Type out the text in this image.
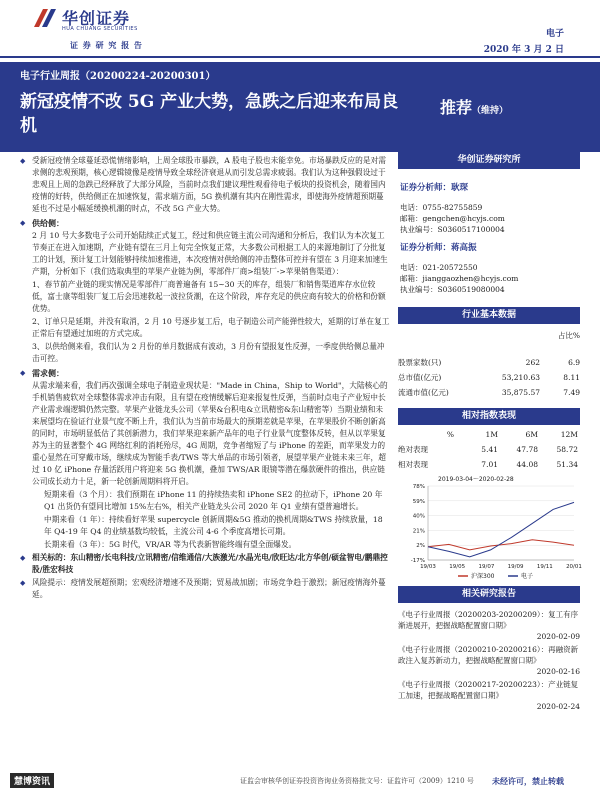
华创证券
HUA CHUANG SECURITIES
证 券 研 究 报 告
电子
2020 年 3 月 2 日
电子行业周报（20200224-20200301）
新冠疫情不改 5G 产业大势，急跌之后迎来布局良机
推荐（维持）
◆ 受新冠疫情全球蔓延恐慌情绪影响，上周全球股市暴跌，A 股电子股也未能幸免。市场暴跌反应的是对需求侧的悲观预期，核心逻辑镜像是疫情导致全球经济衰退从而引发总需求疲弱。我们认为这种强假设过于悲观且上周的急跌已经释放了大部分风险，当前时点我们建议理性观看待电子板块的投资机会，随着国内疫情的好转，供给侧正在加速恢复，需求端方面，5G 换机潮有其内在刚性需求，即使海外疫情超预期蔓延也不过是小幅延缓换机潮的时点，不改 5G 产业大势。
◆ 供给侧：
2 月 10 号大多数电子公司开始陆续正式复工，经过和供应链主流公司沟通和分析后，我们认为本次复工节奏正在进入加速期，产业链有望在三月上旬完全恢复正常，大多数公司根据工人的来源地制订了分批复工的计划，预计复工计划能够持续加速推进，本次疫情对供给侧的冲击整体可控并有望在 3 月迎来加速生产期，分析如下（我们选取典型的苹果产业链为例，零部件厂商>组装厂->苹果销售渠道）：
1、春节前产业链的现实情况是零部件厂商普遍备有 15~30 天的库存，组装厂和销售渠道库存水位较低，富士康等组装厂复工后会迅速救起一波拉货潮，在这个阶段，库存充足的供应商有较大的价格和份额优势。
2、订单只是延期，并没有取消，2 月 10 号逐步复工后，电子制造公司产能弹性较大，延期的订单在复工正常后有望通过加班的方式完成。
3、以供给侧来看，我们认为 2 月份的单月数据成有波动，3 月份有望报复性反弹，一季度供给侧总量冲击可控。
◆ 需求侧：
从需求端来看，我们再次强调全球电子制造业现状是："Made in China，Ship to World"，大陆核心的手机销售疲软对全球整体需求冲击有限，且有望在疫情缓解后迎来报复性反弹，当前时点电子产业短中长产业需求端逻辑仍然完整。苹果产业链龙头公司（苹果&台积电&立讯精密&东山精密等）当期业绩和未来展望均在验证行业景气度不断上升，我们认为当前市场最大的预期差就是苹果，在苹果股价不断创新高的同时，市场明显低估了其创新潜力，我们苹果迎来新产品年的电子行业景气度整体反转，但从以苹果复苏为主的显著整个 4G 网络红利的消耗殆尽，4G 周期，竞争者缩短了与 iPhone 的差距，而苹果发力的重心显然在可穿戴市场，继续成为智能手表/TWS 等大单品的市场引领者，展望苹果产业链未来三年，超过 10 亿 iPhone 存量活跃用户将迎来 5G 换机潮，叠加 TWS/AR 眼镜等潜在爆款硬件的推出，供应链公司成长动力十足，新一轮创新周期料将开启。
短期来看（3 个月）：我们预期在 iPhone 11 的持续热卖和 iPhone SE2 的拉动下，iPhone 20 年 Q1 出货仍有望同比增加 15%左右%，相关产业链龙头公司 2020 年 Q1 业绩有望普遍增长。
中期来看（1 年）：持续看好苹果 supercycle 创新周期&5G 推动的换机周期&TWS 持续放量，18 年 Q4-19 年 Q4 的业绩基数均较低，主流公司 4-6 个季度高增长可期。
长期来看（3 年）：5G 时代，VR/AR 等为代表新智能终端有望全面爆发。
◆ 相关标的：东山精密/长电科技/立讯精密/信维通信/大族激光/水晶光电/欣旺达/北方华创/硕盆智电/鹏鼎控股/胜宏科技
◆ 风险提示：疫情发展超预期；宏观经济增速不及预期；贸易战加剧；市场竞争趋于激烈；新冠疫情海外蔓延。
华创证券研究所
证券分析师：耿琛
电话：0755-82755859
邮箱：gengchen@hcyjs.com
执业编号：S0360517100004
证券分析师：蒋高振
电话：021-20572550
邮箱：jianggaozhen@hcyjs.com
执业编号：S0360519080004
行业基本数据
占比%
股票家数(只)	262	6.9
总市值(亿元)	53,210.63	8.11
流通市值(亿元)	35,875.57	7.49
相对指数表现
%	1M	6M	12M
绝对表现	5.41	47.78	58.72
相对表现	7.01	44.08	51.34
2019-03-04～2020-02-28
78%
59%
40%
21%
2%
-17%
19/03 19/05 19/07 19/09 19/11 20/01
沪深300	电子
相关研究报告
《电子行业周报（20200203-20200209）：复工有序渐进展开，把握战略配置窗口期》
2020-02-09
《电子行业周报（20200210-20200216）：再融资新政注入复苏新动力，把握战略配置窗口期》
2020-02-16
《电子行业周报（20200217-20200223）：产业链复工加速，把握战略配置窗口期》
2020-02-24
慧博资讯	证监会审核华创证券投资咨询业务资格批文号：证监许可（2009）1210 号 未经许可，禁止转载
